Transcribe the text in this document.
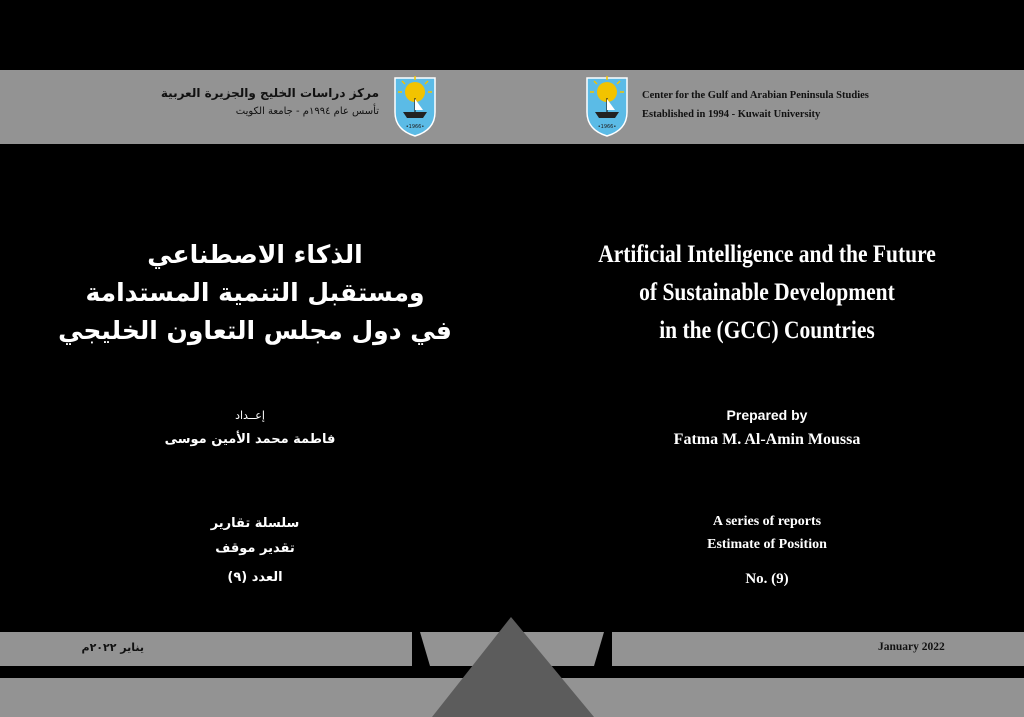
•1966•	•1966•
مركز دراسات الخليج والجزيرة العربية
تأسس عام ١٩٩٤م - جامعة الكويت
Center for the Gulf and Arabian Peninsula Studies
Established in 1994 - Kuwait University
الذكاء الاصطناعي
ومستقبل التنمية المستدامة
في دول مجلس التعاون الخليجي
إعــداد
فاطمة محمد الأمين موسى
سلسلة تقارير
تقدير موقف
العدد (٩)
يناير ٢٠٢٢م
Artificial Intelligence and the Future
of Sustainable Development
in the (GCC) Countries
Prepared by
Fatma M. Al-Amin Moussa
A series of reports
Estimate of Position
No. (9)
January 2022
